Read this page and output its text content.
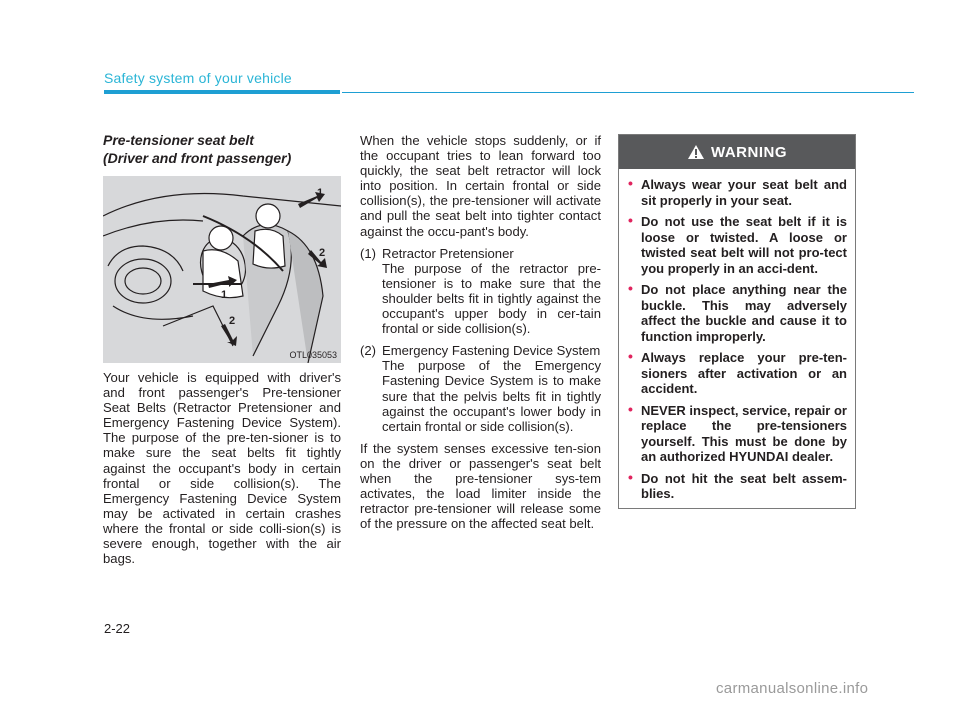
Safety system of your vehicle
Pre-tensioner seat belt
(Driver and front passenger)
1
2
1
2
OTL035053

Your vehicle is equipped with driver's and front passenger's Pre-tensioner Seat Belts (Retractor Pretensioner and Emergency Fastening Device System). The purpose of the pre-ten-sioner is to make sure the seat belts fit tightly against the occupant's body in certain frontal or side collision(s). The Emergency Fastening Device System may be activated in certain crashes where the frontal or side colli-sion(s) is severe enough, together with the air bags.

When the vehicle stops suddenly, or if the occupant tries to lean forward too quickly, the seat belt retractor will lock into position. In certain frontal or side collision(s), the pre-tensioner will activate and pull the seat belt into tighter contact against the occu-pant's body.

(1) Retractor Pretensioner

The purpose of the retractor pre-tensioner is to make sure that the shoulder belts fit in tightly against the occupant's upper body in cer-tain frontal or side collision(s).

(2) Emergency Fastening Device System

The purpose of the Emergency Fastening Device System is to make sure that the pelvis belts fit in tightly against the occupant's lower body in certain frontal or side collision(s).

If the system senses excessive ten-sion on the driver or passenger's seat belt when the pre-tensioner sys-tem activates, the load limiter inside the retractor pre-tensioner will release some of the pressure on the affected seat belt.

WARNING
• Always wear your seat belt and sit properly in your seat.
• Do not use the seat belt if it is loose or twisted. A loose or twisted seat belt will not pro-tect you properly in an acci-dent.
• Do not place anything near the buckle. This may adversely affect the buckle and cause it to function improperly.
• Always replace your pre-ten-sioners after activation or an accident.
• NEVER inspect, service, repair or replace the pre-tensioners yourself. This must be done by an authorized HYUNDAI dealer.
• Do not hit the seat belt assem-blies.
2-22
carmanualsonline.info
